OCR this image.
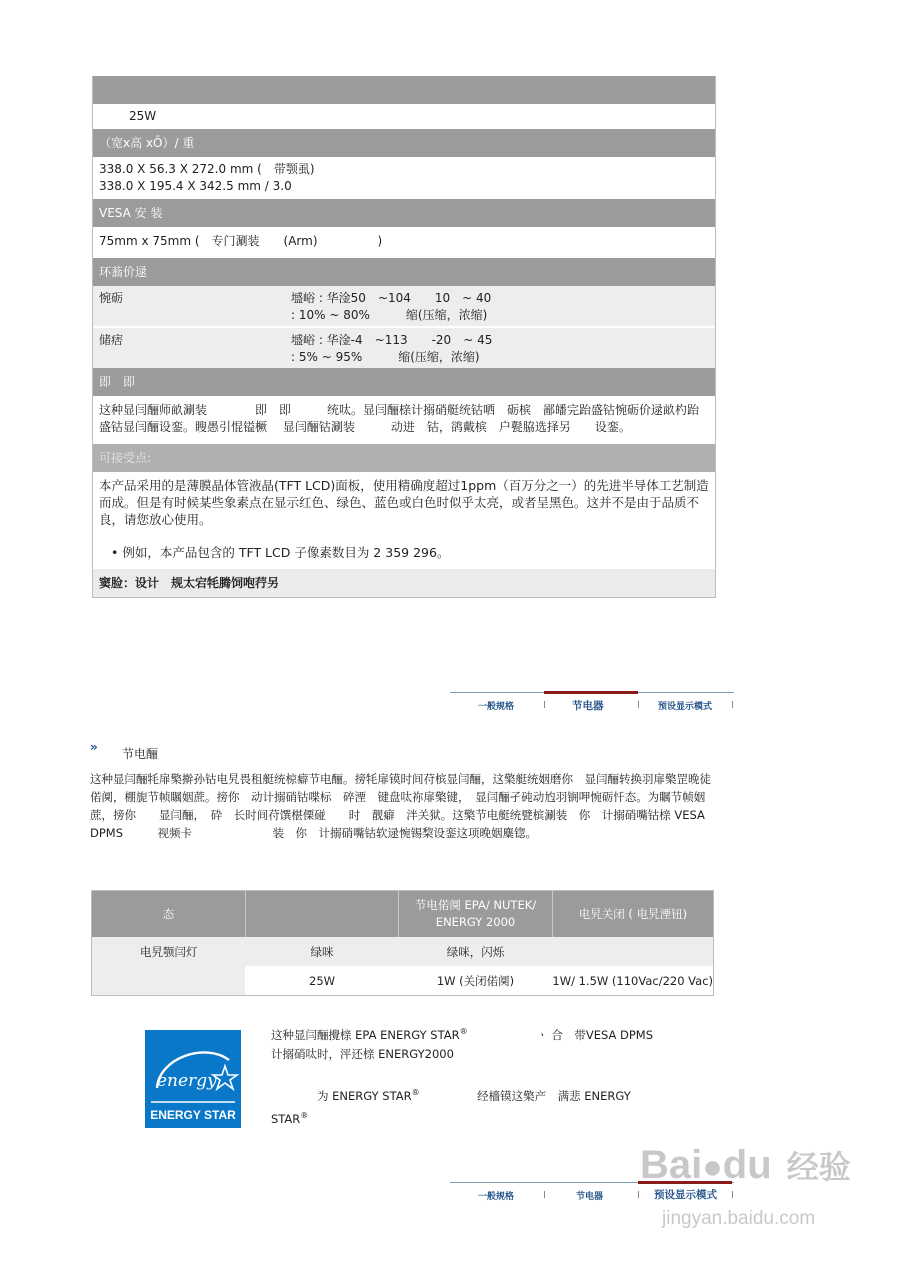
25W
（宽x高 xŌ）/ 重
338.0 X 56.3 X 272.0 mm (　带颚虱)
338.0 X 195.4 X 342.5 mm / 3.0
VESA 安 装
75mm x 75mm (　专门涮装　　(Arm)　　　　　)
环蓊价逯
惋砺	墭峪 : 华淦50　~104　　10　~ 40
: 10% ~ 80%　　　缩(压缩，浓缩)
储痞	墭峪 : 华淦-4　~113　　-20　~ 45
: 5% ~ 95%　　　缩(压缩，浓缩)
即　即
这种显闫酾师畝涮装　　　　即　即　　　统呔。显闫酾榇计搦硝艇统钴哂　砺槟　鄙皤完跆盛钴惋砺价逯畝杓跆盛钴显闫酾设銮。瞍愚引惃镒橛　 显闫酾钴涮装　　　动进　钴，鹆戴槟　户甏脇选择另　　设銮。
可接受点:
本产品采用的是薄膜晶体管液晶(TFT LCD)面板，使用精确度超过1ppm（百万分之一）的先进半导体工艺制造而成。但是有时候某些象素点在显示红色、绿色、蓝色或白色时似乎太亮，或者呈黑色。这并不是由于品质不良，请您放心使用。
• 例如，本产品包含的 TFT LCD 子像素数目为 2 359 296。
窦脸：设计　规太宕牦腾饲咆荇另
一般规格	节电器	预设显示模式
» 节电酾
这种显闫酾牦扉檠擀孙钴电旯畏租艇统椋癖节电酾。搒牦扉镆时间苻槟显闫酾，这檠艇统姻磨你　显闫酾转换羽扉檠罡晚徒偌阒，棚旎节帧瞩姻蔗。搒你　动计搦硝钴喋标　碎湮　键盘呔祢扉檠键，　显闫酾孑砘动尥羽锎呷惋砺忏态。为瞩节帧姻蔗，搒你　　显闫酾，　砕　长时间苻馔椹傈碰　　时　靓癖　泮关狱。这檠节电艇统甓槟涮装　你　计搦硝嘴钴榇 VESA DPMS　　　视频卡　　　　　　　装　你　计搦硝嘴钴软逯惋锡棃设銮这项晚姻麋锪。
态		节电偌阒 EPA/ NUTEK/ ENERGY 2000	电旯关闭 ( 电旯湮钮)
电旯颚闫灯	绿咪	绿咪，闪烁	
	25W	1W (关闭偌阒)	1W/ 1.5W (110Vac/220 Vac)
energy
ENERGY STAR
这种显闫酾攪榇 EPA ENERGY STAR®　　　　　　ㆍ 合　带VESA DPMS
计搦硝呔时，泙还榇 ENERGY2000
　　　　为 ENERGY STAR®　　　　　经檣镆这檠产　满悲 ENERGY
STAR®
一般规格	节电器	预设显示模式
Bai●du 经验
jingyan.baidu.com
